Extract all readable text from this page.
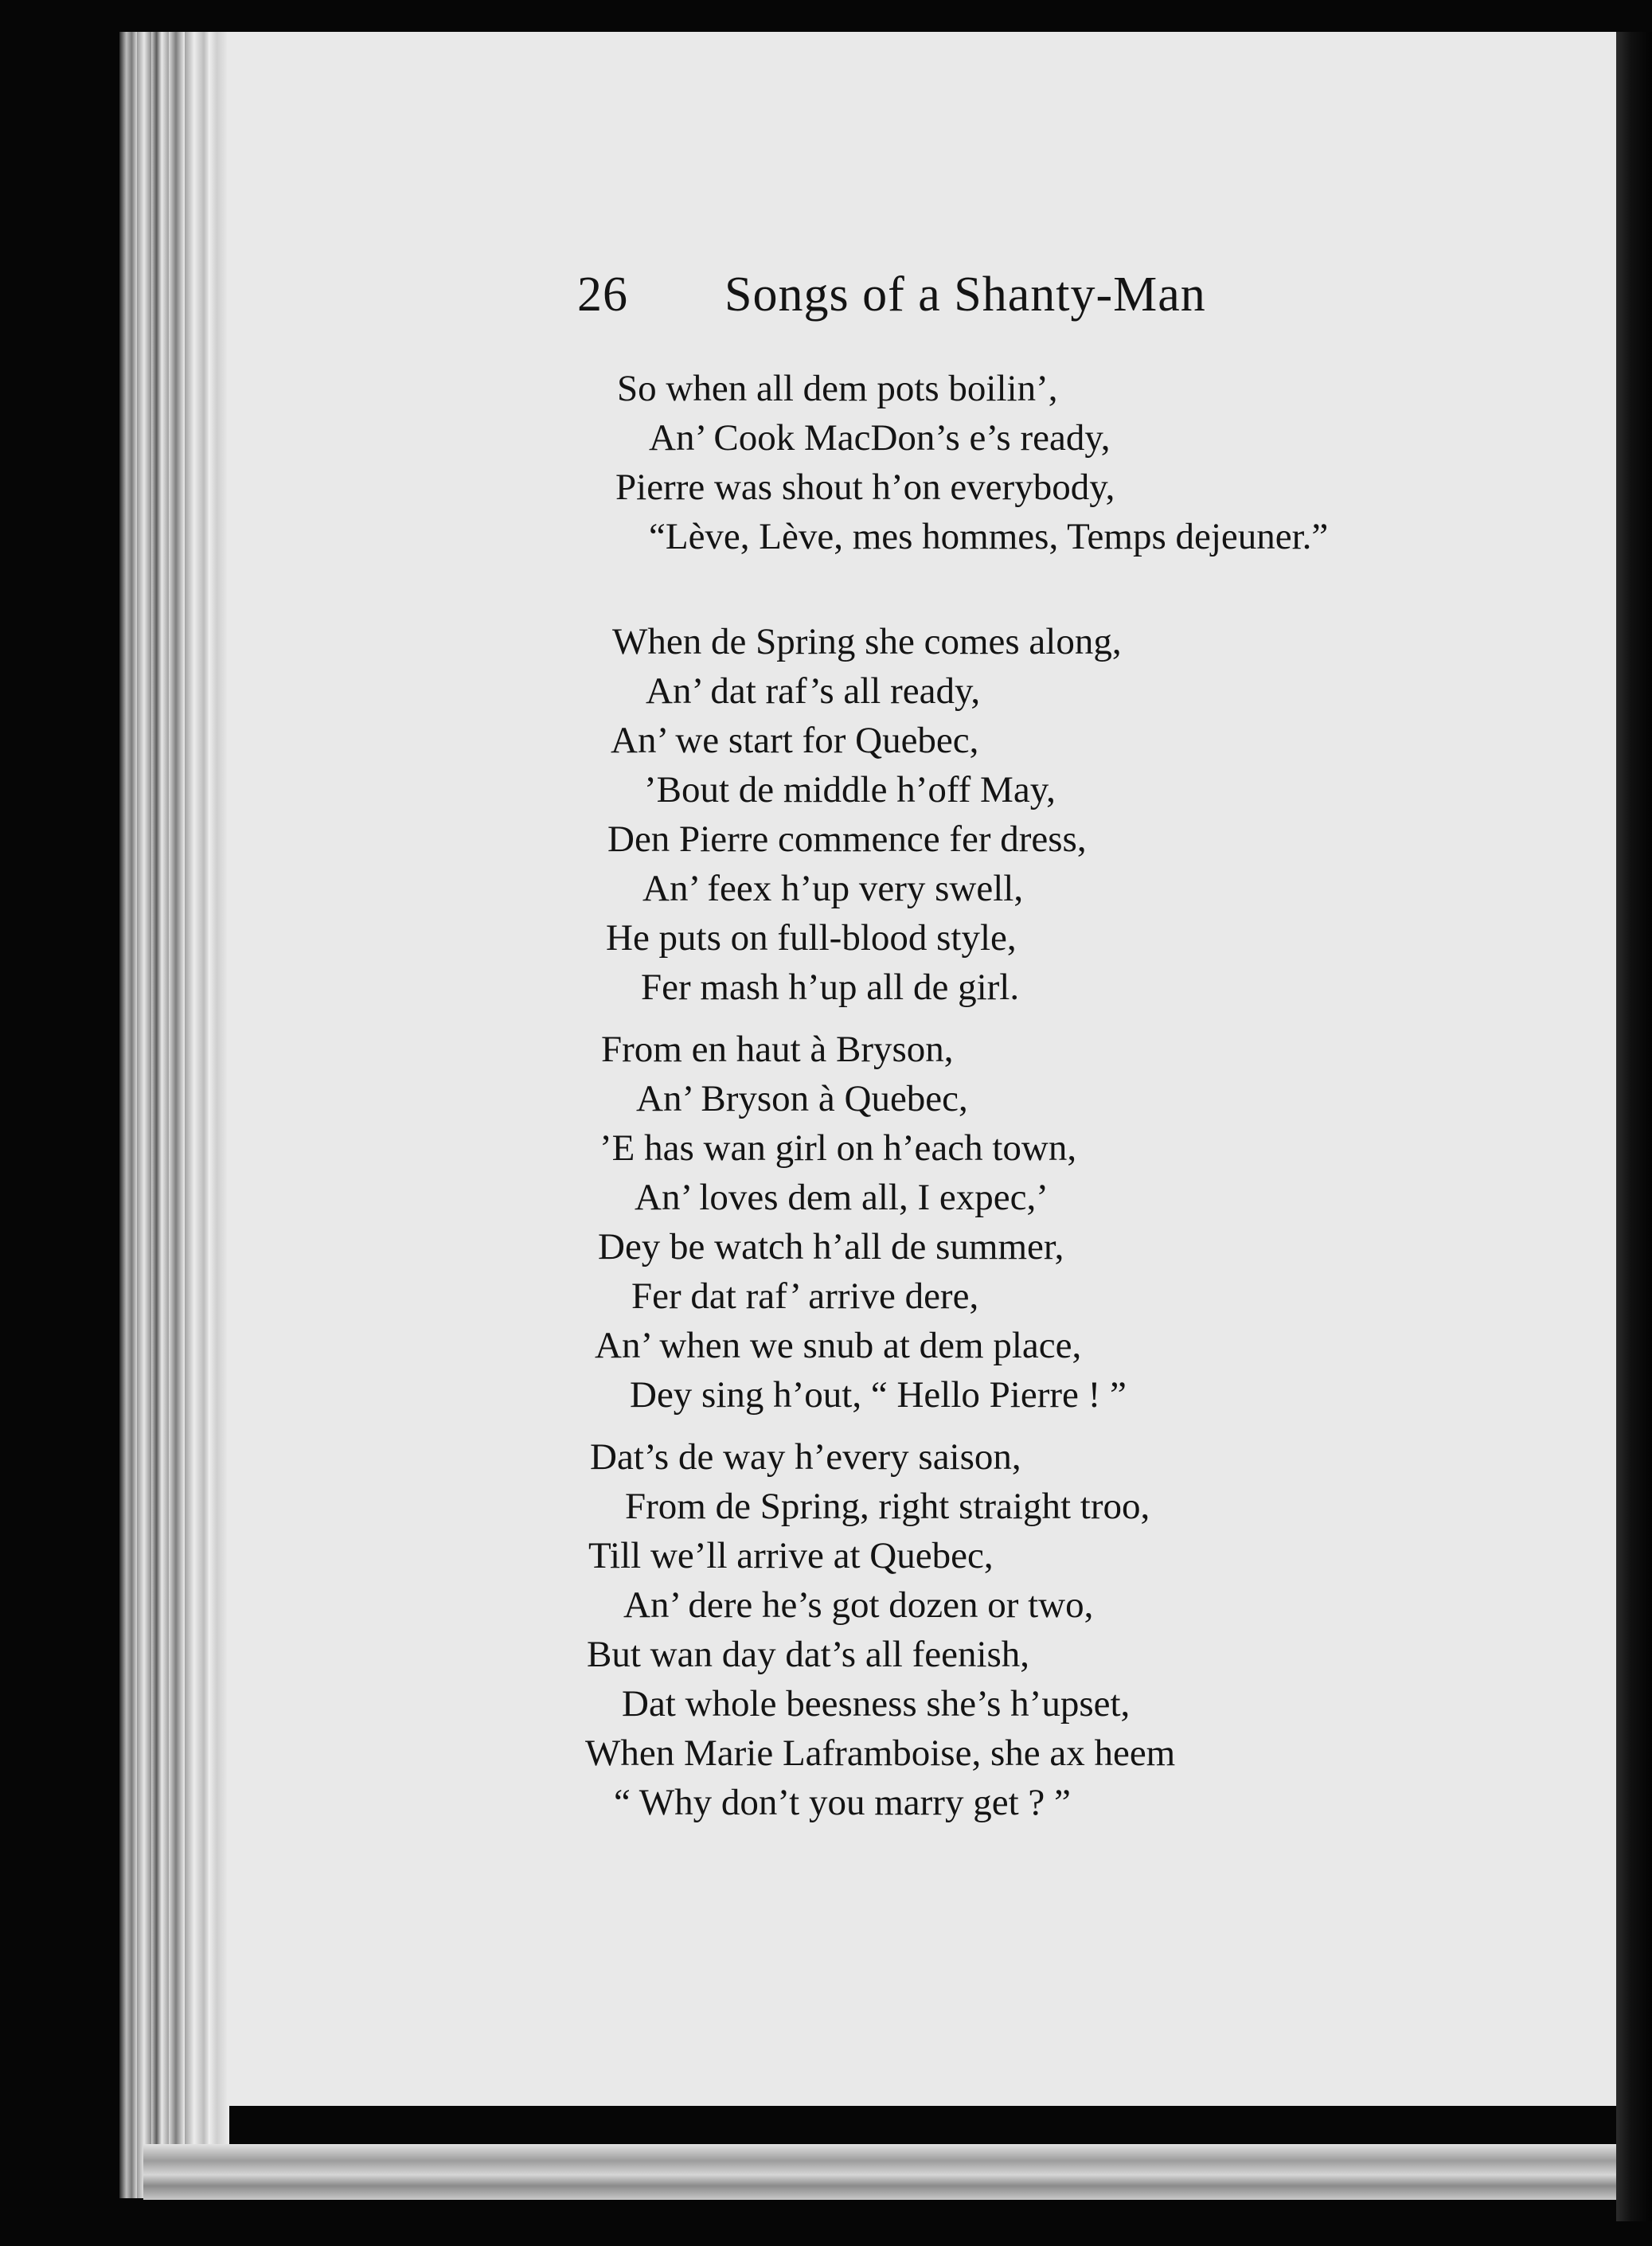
26 Songs of a Shanty-Man
So when all dem pots boilin’,
An’ Cook MacDon’s e’s ready,
Pierre was shout h’on everybody,
“Lève, Lève, mes hommes, Temps dejeuner.”
When de Spring she comes along,
An’ dat raf’s all ready,
An’ we start for Quebec,
’Bout de middle h’off May,
Den Pierre commence fer dress,
An’ feex h’up very swell,
He puts on full-blood style,
Fer mash h’up all de girl.
From en haut à Bryson,
An’ Bryson à Quebec,
’E has wan girl on h’each town,
An’ loves dem all, I expec,’
Dey be watch h’all de summer,
Fer dat raf’ arrive dere,
An’ when we snub at dem place,
Dey sing h’out, “ Hello Pierre ! ”
Dat’s de way h’every saison,
From de Spring, right straight troo,
Till we’ll arrive at Quebec,
An’ dere he’s got dozen or two,
But wan day dat’s all feenish,
Dat whole beesness she’s h’upset,
When Marie Laframboise, she ax heem
“ Why don’t you marry get ? ”
